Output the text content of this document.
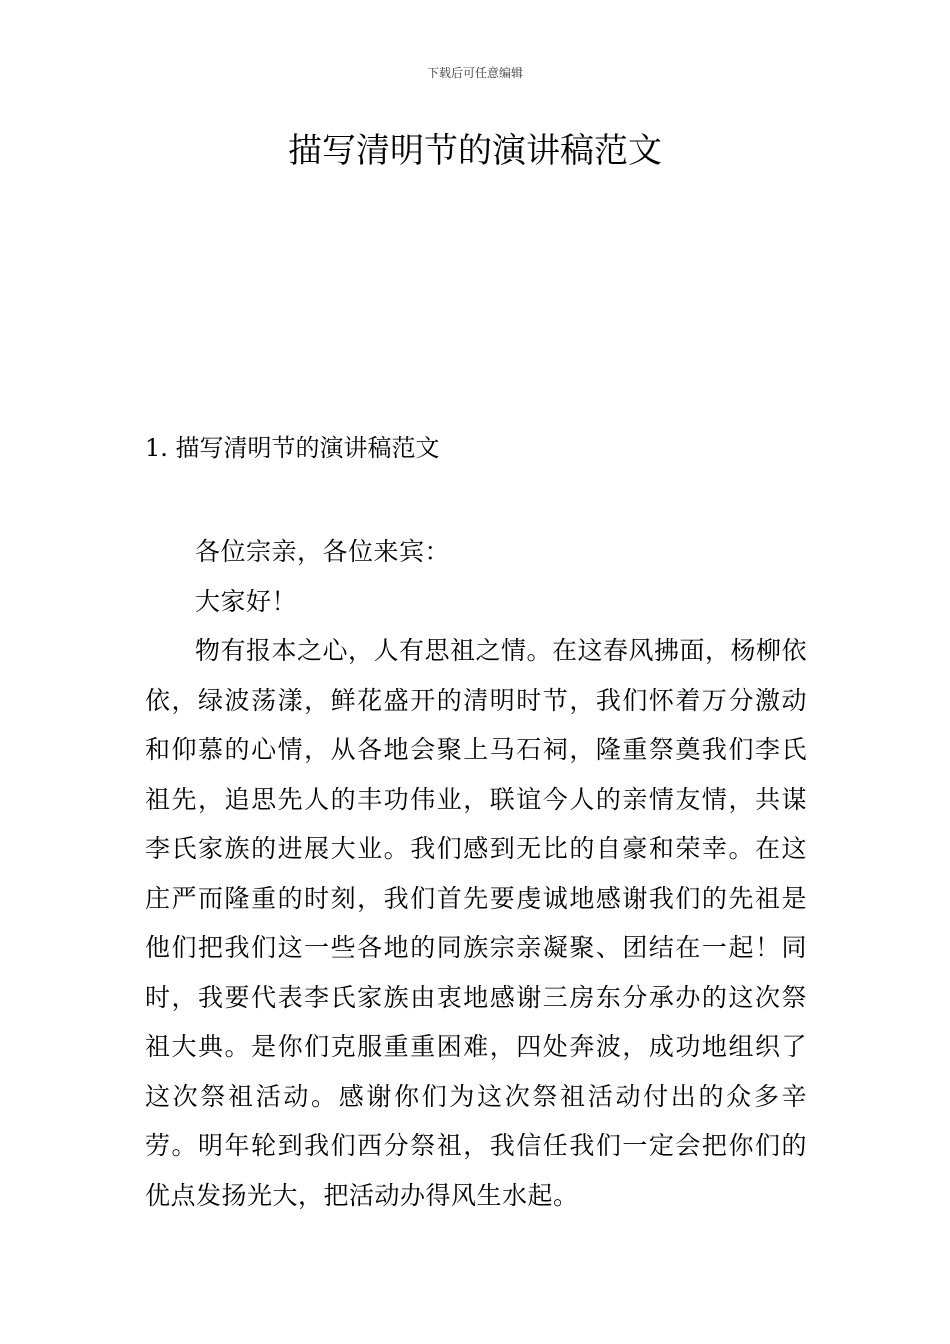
下载后可任意编辑
描写清明节的演讲稿范文
1. 描写清明节的演讲稿范文

各位宗亲，各位来宾：

大家好！

物有报本之心，人有思祖之情。在这春风拂面，杨柳依依，绿波荡漾，鲜花盛开的清明时节，我们怀着万分激动和仰慕的心情，从各地会聚上马石祠，隆重祭奠我们李氏祖先，追思先人的丰功伟业，联谊今人的亲情友情，共谋李氏家族的进展大业。我们感到无比的自豪和荣幸。在这庄严而隆重的时刻，我们首先要虔诚地感谢我们的先祖是他们把我们这一些各地的同族宗亲凝聚、团结在一起！同时，我要代表李氏家族由衷地感谢三房东分承办的这次祭祖大典。是你们克服重重困难，四处奔波，成功地组织了这次祭祖活动。感谢你们为这次祭祖活动付出的众多辛劳。明年轮到我们西分祭祖，我信任我们一定会把你们的优点发扬光大，把活动办得风生水起。
